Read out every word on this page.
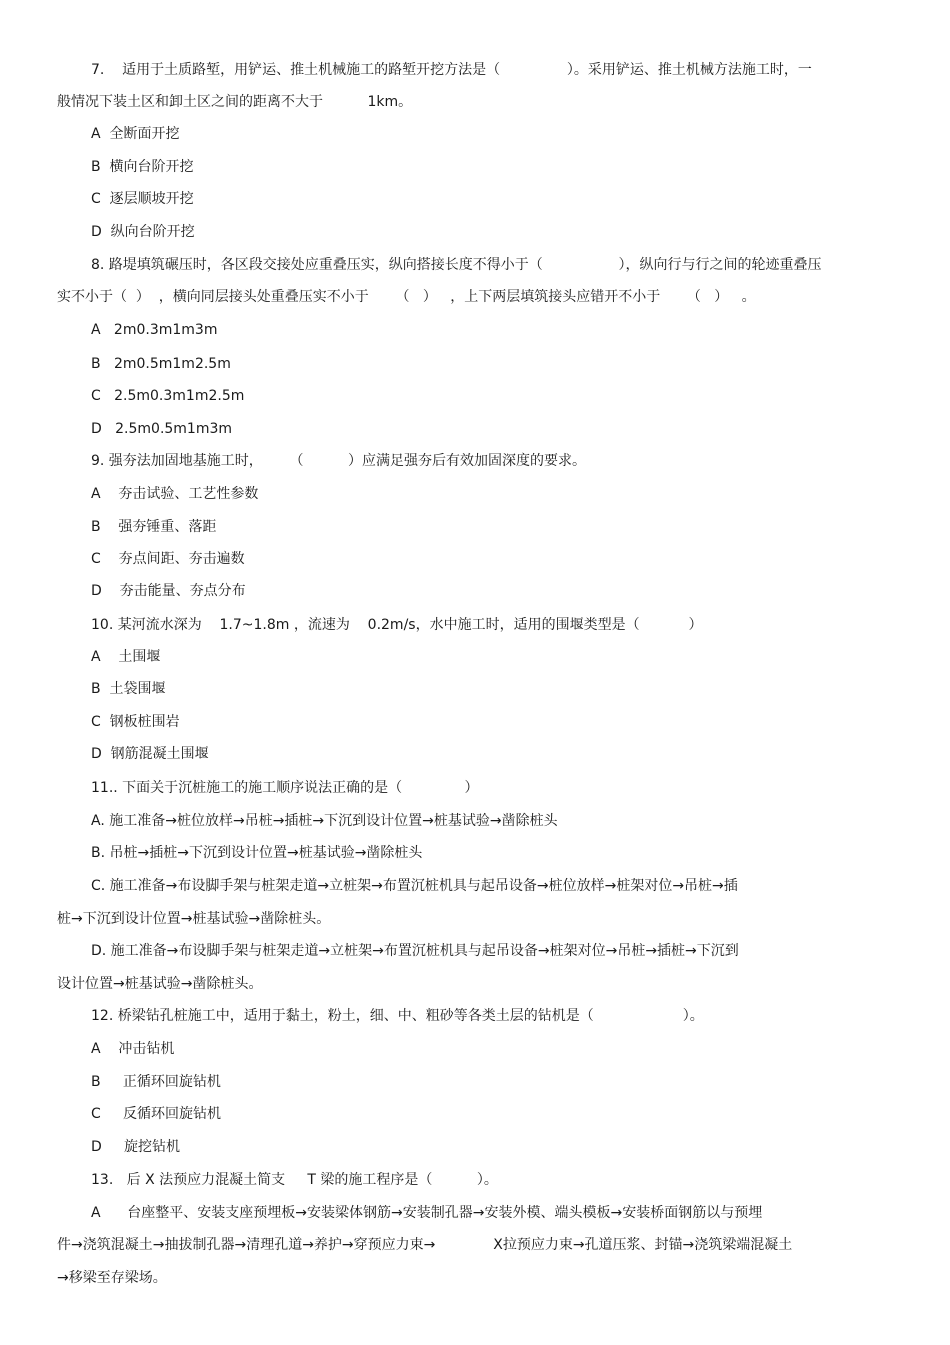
7.    适用于土质路堑，用铲运、推土机械施工的路堑开挖方法是（               ）。采用铲运、推土机械方法施工时，一
般情况下装土区和卸土区之间的距离不大于          1km。
A  全断面开挖
B  横向台阶开挖
C  逐层顺坡开挖
D  纵向台阶开挖
8. 路堤填筑碾压时，各区段交接处应重叠压实，纵向搭接长度不得小于（                 ），纵向行与行之间的轮迹重叠压
实不小于（  ）  ，横向同层接头处重叠压实不小于      （   ）   ，上下两层填筑接头应错开不小于      （   ）   。
A   2m0.3m1m3m
B   2m0.5m1m2.5m
C   2.5m0.3m1m2.5m
D   2.5m0.5m1m3m
9. 强夯法加固地基施工时，      （          ）应满足强夯后有效加固深度的要求。
A    夯击试验、工艺性参数
B    强夯锤重、落距
C    夯点间距、夯击遍数
D    夯击能量、夯点分布
10. 某河流水深为    1.7~1.8m ，流速为    0.2m/s，水中施工时，适用的围堰类型是（           ）
A    土围堰
B  土袋围堰
C  钢板桩围岩
D  钢筋混凝土围堰
11.. 下面关于沉桩施工的施工顺序说法正确的是（              ）
A. 施工准备→桩位放样→吊桩→插桩→下沉到设计位置→桩基试验→凿除桩头
B. 吊桩→插桩→下沉到设计位置→桩基试验→凿除桩头
C. 施工准备→布设脚手架与桩架走道→立桩架→布置沉桩机具与起吊设备→桩位放样→桩架对位→吊桩→插
桩→下沉到设计位置→桩基试验→凿除桩头。
D. 施工准备→布设脚手架与桩架走道→立桩架→布置沉桩机具与起吊设备→桩架对位→吊桩→插桩→下沉到
设计位置→桩基试验→凿除桩头。
12. 桥梁钻孔桩施工中，适用于黏土，粉土，细、中、粗砂等各类土层的钻机是（                    ）。
A    冲击钻机
B     正循环回旋钻机
C     反循环回旋钻机
D     旋挖钻机
13.   后 X 法预应力混凝土简支     T 梁的施工程序是（          ）。
A      台座整平、安装支座预埋板→安装梁体钢筋→安装制孔器→安装外模、端头模板→安装桥面钢筋以与预埋
件→浇筑混凝土→抽拔制孔器→清理孔道→养护→穿预应力束→             X拉预应力束→孔道压浆、封锚→浇筑梁端混凝土
→移梁至存梁场。
